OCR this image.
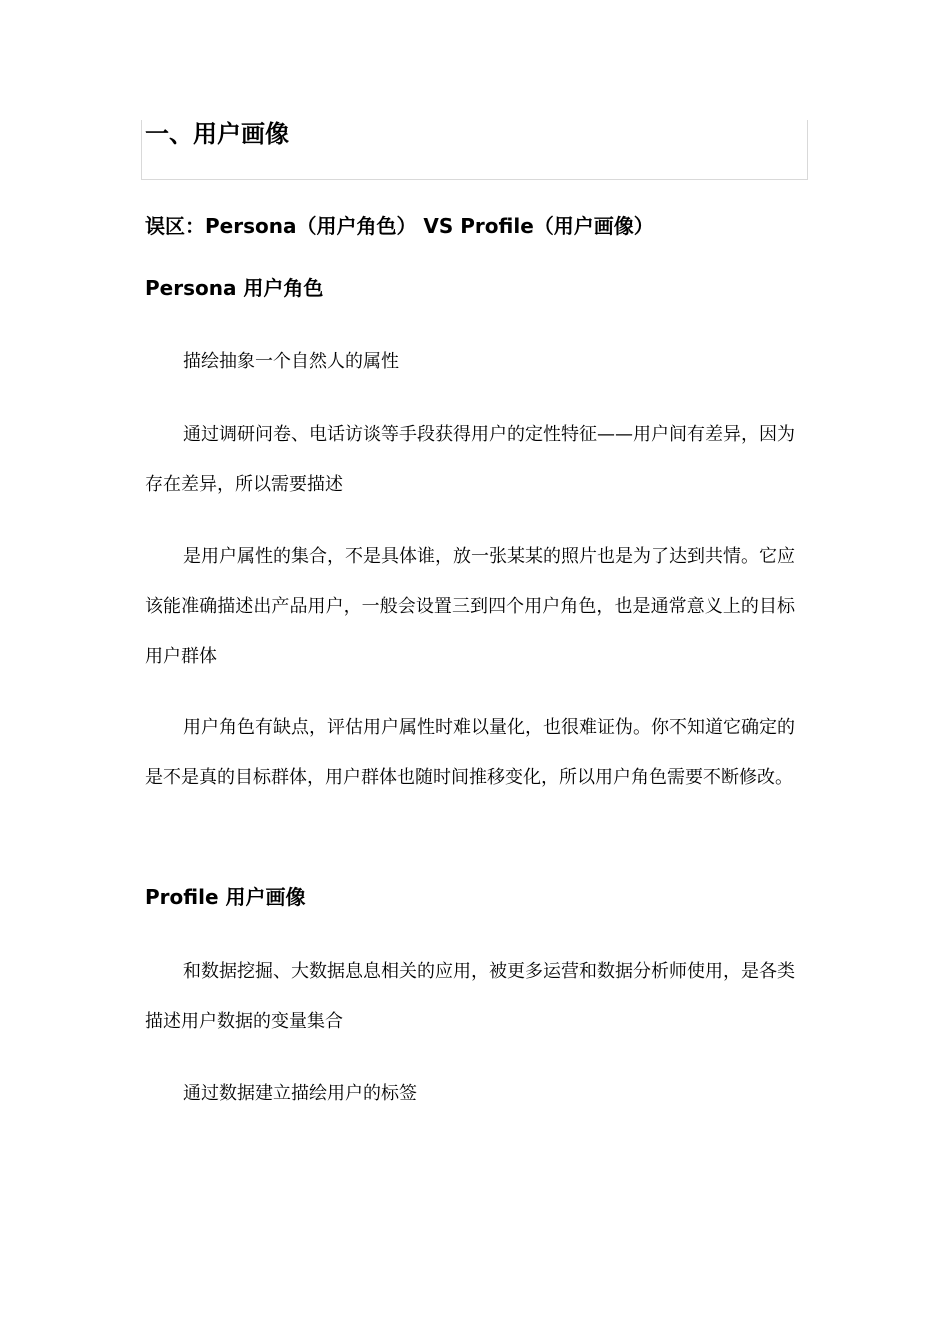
一、用户画像
误区：Persona（用户角色） VS Profile（用户画像）
Persona 用户角色
描绘抽象一个自然人的属性
通过调研问卷、电话访谈等手段获得用户的定性特征——用户间有差异，因为存在差异，所以需要描述
是用户属性的集合，不是具体谁，放一张某某的照片也是为了达到共情。它应该能准确描述出产品用户，一般会设置三到四个用户角色，也是通常意义上的目标用户群体
用户角色有缺点，评估用户属性时难以量化，也很难证伪。你不知道它确定的是不是真的目标群体，用户群体也随时间推移变化，所以用户角色需要不断修改。
Profile 用户画像
和数据挖掘、大数据息息相关的应用，被更多运营和数据分析师使用，是各类描述用户数据的变量集合
通过数据建立描绘用户的标签
